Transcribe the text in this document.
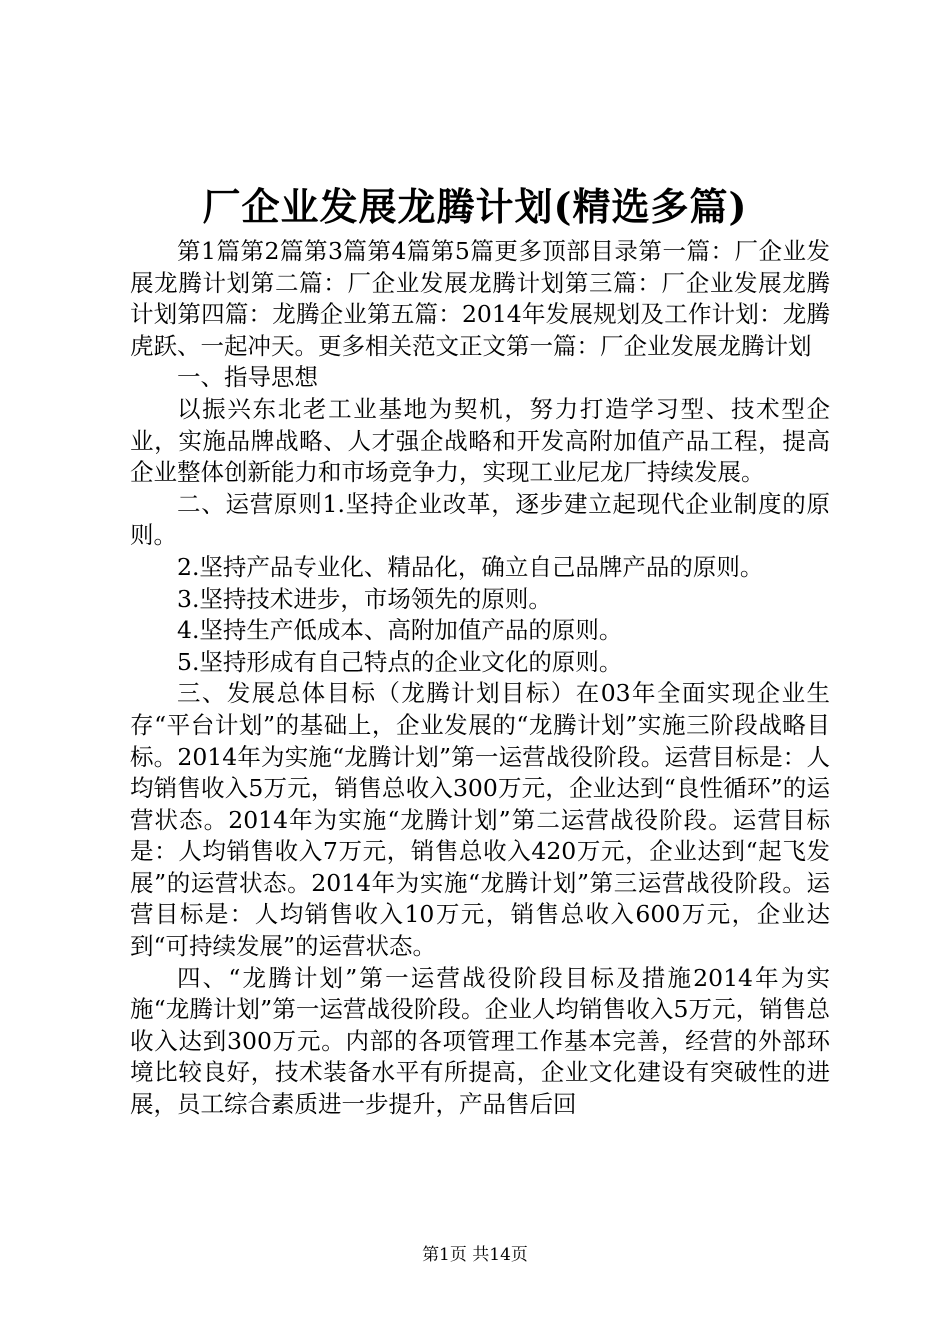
厂企业发展龙腾计划(精选多篇)

第1篇第2篇第3篇第4篇第5篇更多顶部目录第一篇：厂企业发展龙腾计划第二篇：厂企业发展龙腾计划第三篇：厂企业发展龙腾计划第四篇：龙腾企业第五篇：2014年发展规划及工作计划：龙腾虎跃、一起冲天。更多相关范文正文第一篇：厂企业发展龙腾计划

一、指导思想

以振兴东北老工业基地为契机，努力打造学习型、技术型企业，实施品牌战略、人才强企战略和开发高附加值产品工程，提高企业整体创新能力和市场竞争力，实现工业尼龙厂持续发展。

二、运营原则1.坚持企业改革，逐步建立起现代企业制度的原则。

2.坚持产品专业化、精品化，确立自己品牌产品的原则。

3.坚持技术进步，市场领先的原则。

4.坚持生产低成本、高附加值产品的原则。

5.坚持形成有自己特点的企业文化的原则。

三、发展总体目标（龙腾计划目标）在03年全面实现企业生存“平台计划”的基础上，企业发展的“龙腾计划”实施三阶段战略目标。2014年为实施“龙腾计划”第一运营战役阶段。运营目标是：人均销售收入5万元，销售总收入300万元，企业达到“良性循环”的运营状态。2014年为实施“龙腾计划”第二运营战役阶段。运营目标是：人均销售收入7万元，销售总收入420万元，企业达到“起飞发展”的运营状态。2014年为实施“龙腾计划”第三运营战役阶段。运营目标是：人均销售收入10万元，销售总收入600万元，企业达到“可持续发展”的运营状态。

四、“龙腾计划”第一运营战役阶段目标及措施2014年为实施“龙腾计划”第一运营战役阶段。企业人均销售收入5万元，销售总收入达到300万元。内部的各项管理工作基本完善，经营的外部环境比较良好，技术装备水平有所提高，企业文化建设有突破性的进展，员工综合素质进一步提升，产品售后回

第1页 共14页
